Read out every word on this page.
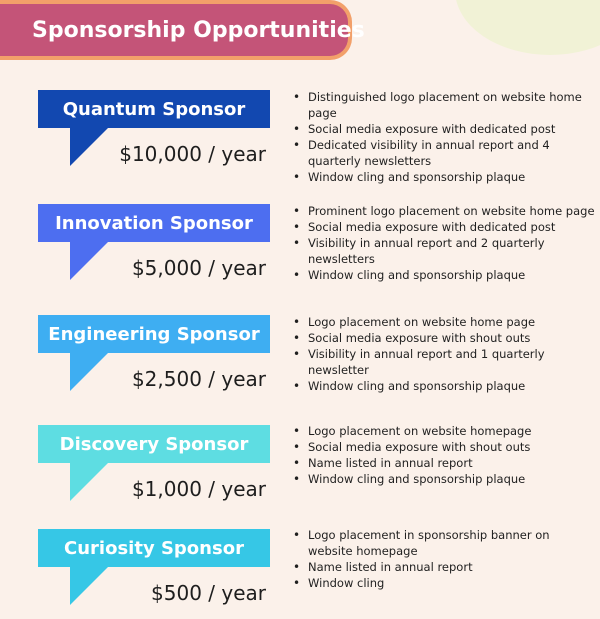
Sponsorship Opportunities
Quantum Sponsor
$10,000 / year
• Distinguished logo placement on website home page
• Social media exposure with dedicated post
• Dedicated visibility in annual report and 4 quarterly newsletters
• Window cling and sponsorship plaque
Innovation Sponsor
$5,000 / year
• Prominent logo placement on website home page
• Social media exposure with dedicated post
• Visibility in annual report and 2 quarterly newsletters
• Window cling and sponsorship plaque
Engineering Sponsor
$2,500 / year
• Logo placement on website home page
• Social media exposure with shout outs
• Visibility in annual report and 1 quarterly newsletter
• Window cling and sponsorship plaque
Discovery Sponsor
$1,000 / year
• Logo placement on website homepage
• Social media exposure with shout outs
• Name listed in annual report
• Window cling and sponsorship plaque
Curiosity Sponsor
$500 / year
• Logo placement in sponsorship banner on website homepage
• Name listed in annual report
• Window cling
